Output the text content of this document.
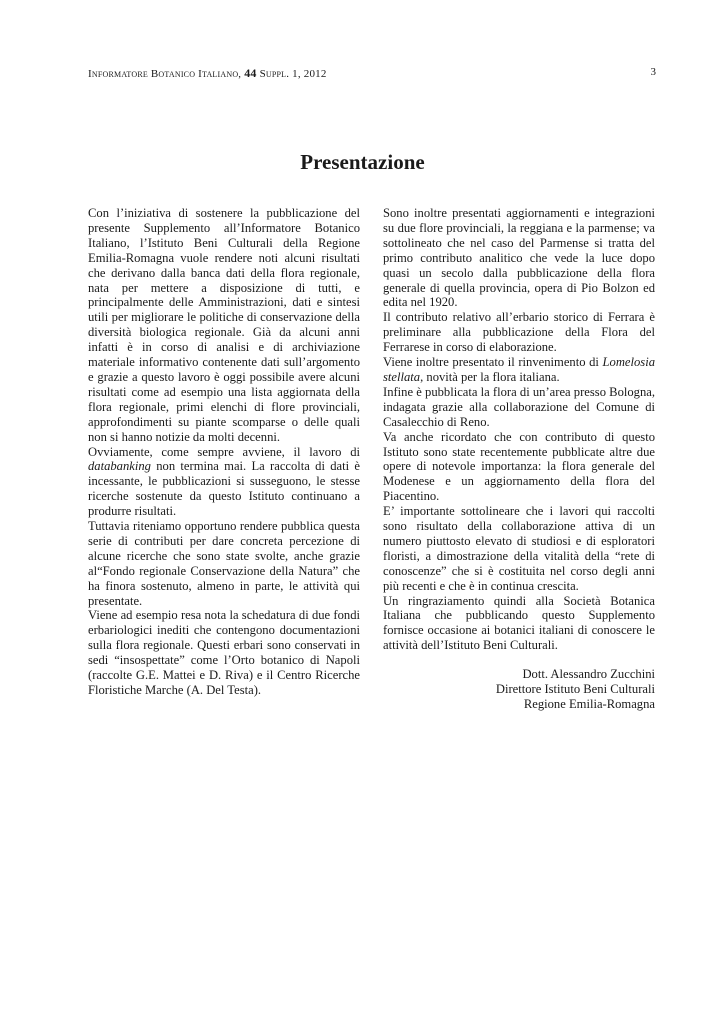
Informatore Botanico Italiano, 44 Suppl. 1, 2012	3
Presentazione

Con l’iniziativa di sostenere la pubblicazione del presente Supplemento all’Informatore Botanico Italiano, l’Istituto Beni Culturali della Regione Emilia-Romagna vuole rendere noti alcuni risultati che derivano dalla banca dati della flora regionale, nata per mettere a disposizione di tutti, e principalmente delle Amministrazioni, dati e sintesi utili per migliorare le politiche di conservazione della diversità biologica regionale. Già da alcuni anni infatti è in corso di analisi e di archiviazione materiale informativo contenente dati sull’argomento e grazie a questo lavoro è oggi possibile avere alcuni risultati come ad esempio una lista aggiornata della flora regionale, primi elenchi di flore provinciali, approfondimenti su piante scomparse o delle quali non si hanno notizie da molti decenni.

Ovviamente, come sempre avviene, il lavoro di databanking non termina mai. La raccolta di dati è incessante, le pubblicazioni si susseguono, le stesse ricerche sostenute da questo Istituto continuano a produrre risultati.

Tuttavia riteniamo opportuno rendere pubblica questa serie di contributi per dare concreta percezione di alcune ricerche che sono state svolte, anche grazie al“Fondo regionale Conservazione della Natura” che ha finora sostenuto, almeno in parte, le attività qui presentate.

Viene ad esempio resa nota la schedatura di due fondi erbariologici inediti che contengono documentazioni sulla flora regionale. Questi erbari sono conservati in sedi “insospettate” come l’Orto botanico di Napoli (raccolte G.E. Mattei e D. Riva) e il Centro Ricerche Floristiche Marche (A. Del Testa).

Sono inoltre presentati aggiornamenti e integrazioni su due flore provinciali, la reggiana e la parmense; va sottolineato che nel caso del Parmense si tratta del primo contributo analitico che vede la luce dopo quasi un secolo dalla pubblicazione della flora generale di quella provincia, opera di Pio Bolzon ed edita nel 1920.

Il contributo relativo all’erbario storico di Ferrara è preliminare alla pubblicazione della Flora del Ferrarese in corso di elaborazione.

Viene inoltre presentato il rinvenimento di Lomelosia stellata, novità per la flora italiana.

Infine è pubblicata la flora di un’area presso Bologna, indagata grazie alla collaborazione del Comune di Casalecchio di Reno.

Va anche ricordato che con contributo di questo Istituto sono state recentemente pubblicate altre due opere di notevole importanza: la flora generale del Modenese e un aggiornamento della flora del Piacentino.

E’ importante sottolineare che i lavori qui raccolti sono risultato della collaborazione attiva di un numero piuttosto elevato di studiosi e di esploratori floristi, a dimostrazione della vitalità della “rete di conoscenze” che si è costituita nel corso degli anni più recenti e che è in continua crescita.

Un ringraziamento quindi alla Società Botanica Italiana che pubblicando questo Supplemento fornisce occasione ai botanici italiani di conoscere le attività dell’Istituto Beni Culturali.

Dott. Alessandro Zucchini
Direttore Istituto Beni Culturali
Regione Emilia-Romagna
